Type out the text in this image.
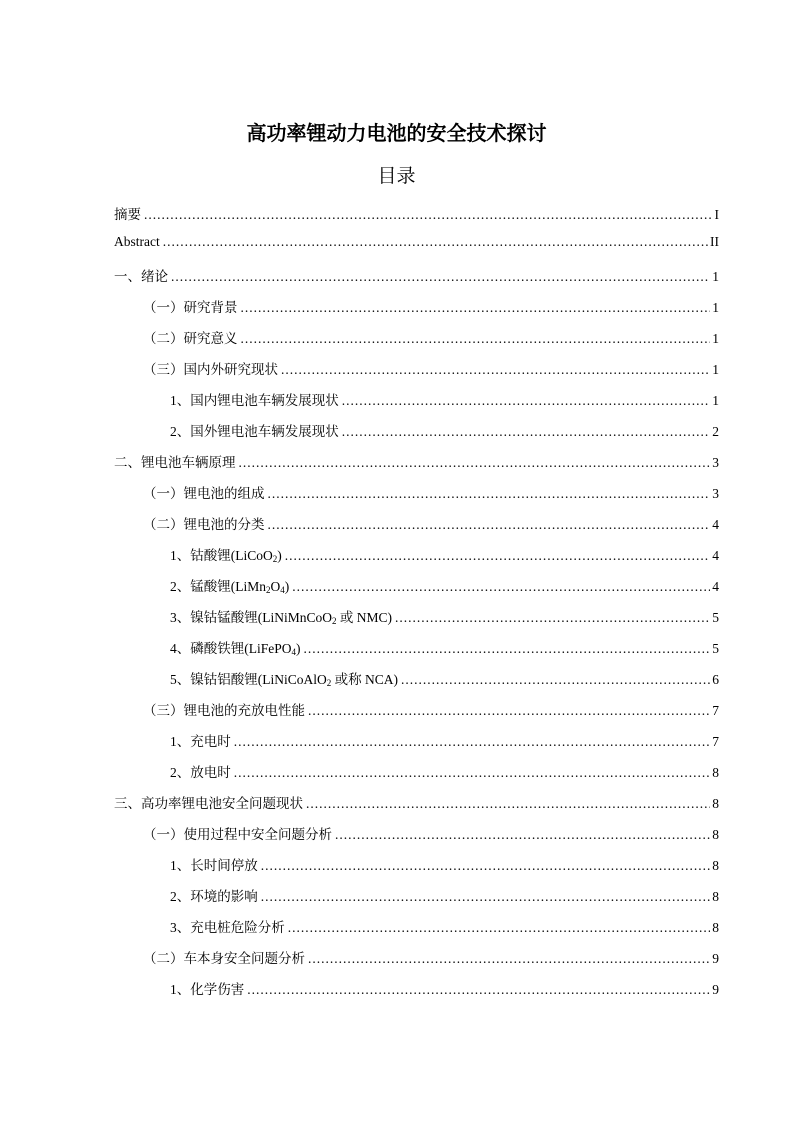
高功率锂动力电池的安全技术探讨
目录
摘要 .....	I
Abstract .....	II
一、绪论 .....	1
（一）研究背景 .....	1
（二）研究意义 .....	1
（三）国内外研究现状 .....	1
1、国内锂电池车辆发展现状 .....	1
2、国外锂电池车辆发展现状 .....	2
二、锂电池车辆原理 .....	3
（一）锂电池的组成 .....	3
（二）锂电池的分类 .....	4
1、钴酸锂(LiCoO$_2$) .....	4
2、锰酸锂$(LiMn_2O_4)$ .....	4
3、镍钴锰酸锂(LiNiMnCoO$_2$ 或 NMC) .....	5
4、磷酸铁锂(LiFePO$_4$) .....	5
5、镍钴铝酸锂(LiNiCoAlO$_2$ 或称 NCA) .....	6
（三）锂电池的充放电性能 .....	7
1、充电时 .....	7
2、放电时 .....	8
三、高功率锂电池安全问题现状 .....	8
（一）使用过程中安全问题分析 .....	8
1、长时间停放 .....	8
2、环境的影响 .....	8
3、充电桩危险分析 .....	8
（二）车本身安全问题分析 .....	9
1、化学伤害 .....	9
